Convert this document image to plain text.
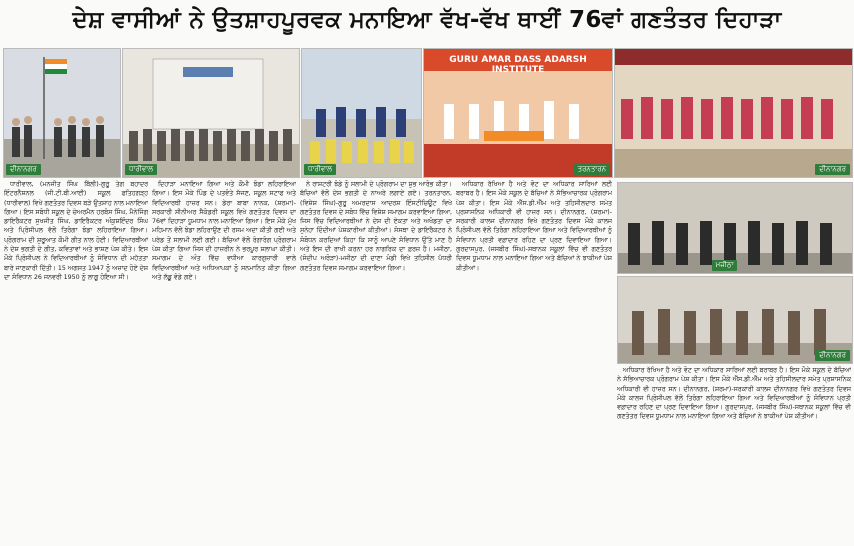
ਦੇਸ਼ ਵਾਸੀਆਂ ਨੇ ਉਤਸ਼ਾਹਪੂਰਵਕ ਮਨਾਇਆ ਵੱਖ-ਵੱਖ ਥਾਈਂ 76ਵਾਂ ਗਣਤੰਤਰ ਦਿਹਾੜਾ
ਦੀਨਾਨਗਰ	ਧਾਰੀਵਾਲ	ਧਾਰੀਵਾਲ
GURU AMAR DASS ADARSH INSTITUTE
ਤਰਨਤਾਰਨ	ਦੀਨਾਨਗਰ
ਮਜੀਠਾ
ਦੀਨਾਨਗਰ

ਧਾਰੀਵਾਲ, (ਮਨਜੀਤ ਸਿੰਘ ਬਿੱਲੀ)-ਗੁਰੂ ਤੇਗ ਬਹਾਦਰ ਇੰਟਰਨੈਸ਼ਨਲ (ਜੀ.ਟੀ.ਬੀ.ਆਈ) ਸਕੂਲ ਫਤਿਹਗੜ੍ਹ (ਧਾਰੀਵਾਲ) ਵਿਖੇ ਗਣਤੰਤਰ ਦਿਵਸ ਬੜੇ ਉਤਸ਼ਾਹ ਨਾਲ ਮਨਾਇਆ ਗਿਆ। ਇਸ ਸਬੰਧੀ ਸਕੂਲ ਦੇ ਚੇਅਰਮੈਨ ਹਰਬੰਸ ਸਿੰਘ, ਮੈਨੇਜਿੰਗ ਡਾਇਰੈਕਟਰ ਸੁਖਜੀਤ ਸਿੰਘ, ਡਾਇਰੈਕਟਰ ਅੰਕੁਸ਼ਇੰਦਰ ਸਿੰਘ ਅਤੇ ਪ੍ਰਿੰਸੀਪਲ ਵੱਲੋਂ ਤਿਰੰਗਾ ਝੰਡਾ ਲਹਿਰਾਇਆ ਗਿਆ। ਪ੍ਰੋਗਰਾਮ ਦੀ ਸ਼ੁਰੂਆਤ ਕੌਮੀ ਗੀਤ ਨਾਲ ਹੋਈ। ਵਿਦਿਆਰਥੀਆਂ ਨੇ ਦੇਸ਼ ਭਗਤੀ ਦੇ ਗੀਤ, ਕਵਿਤਾਵਾਂ ਅਤੇ ਭਾਸ਼ਣ ਪੇਸ਼ ਕੀਤੇ। ਇਸ ਮੌਕੇ ਪ੍ਰਿੰਸੀਪਲ ਨੇ ਵਿਦਿਆਰਥੀਆਂ ਨੂੰ ਸੰਵਿਧਾਨ ਦੀ ਮਹੱਤਤਾ ਬਾਰੇ ਜਾਣਕਾਰੀ ਦਿੱਤੀ। 15 ਅਗਸਤ 1947 ਨੂੰ ਅਜ਼ਾਦ ਹੋਏ ਦੇਸ਼ ਦਾ ਸੰਵਿਧਾਨ 26 ਜਨਵਰੀ 1950 ਨੂੰ ਲਾਗੂ ਹੋਇਆ ਸੀ।

ਦਿਹਾੜਾ ਮਨਾਇਆ ਗਿਆ ਅਤੇ ਕੌਮੀ ਝੰਡਾ ਲਹਿਰਾਇਆ ਗਿਆ। ਇਸ ਮੌਕੇ ਪਿੰਡ ਦੇ ਪਤਵੰਤੇ ਸੱਜਣ, ਸਕੂਲ ਸਟਾਫ ਅਤੇ ਵਿਦਿਆਰਥੀ ਹਾਜ਼ਰ ਸਨ। ਡੇਰਾ ਬਾਬਾ ਨਾਨਕ, (ਸ਼ਰਮਾ)-ਸਰਕਾਰੀ ਸੀਨੀਅਰ ਸੈਕੰਡਰੀ ਸਕੂਲ ਵਿਖੇ ਗਣਤੰਤਰ ਦਿਵਸ ਦਾ 76ਵਾਂ ਦਿਹਾੜਾ ਧੂਮਧਾਮ ਨਾਲ ਮਨਾਇਆ ਗਿਆ। ਇਸ ਮੌਕੇ ਮੁੱਖ ਮਹਿਮਾਨ ਵੱਲੋਂ ਝੰਡਾ ਲਹਿਰਾਉਣ ਦੀ ਰਸਮ ਅਦਾ ਕੀਤੀ ਗਈ ਅਤੇ ਪਰੇਡ ਤੋਂ ਸਲਾਮੀ ਲਈ ਗਈ। ਬੱਚਿਆਂ ਵੱਲੋਂ ਰੰਗਾਰੰਗ ਪ੍ਰੋਗਰਾਮ ਪੇਸ਼ ਕੀਤਾ ਗਿਆ ਜਿਸ ਦੀ ਹਾਜ਼ਰੀਨ ਨੇ ਭਰਪੂਰ ਸ਼ਲਾਘਾ ਕੀਤੀ। ਸਮਾਗਮ ਦੇ ਅੰਤ ਵਿੱਚ ਵਧੀਆ ਕਾਰਗੁਜ਼ਾਰੀ ਵਾਲੇ ਵਿਦਿਆਰਥੀਆਂ ਅਤੇ ਅਧਿਆਪਕਾਂ ਨੂੰ ਸਨਮਾਨਿਤ ਕੀਤਾ ਗਿਆ ਅਤੇ ਲੱਡੂ ਵੰਡੇ ਗਏ।

ਨੇ ਰਾਸ਼ਟਰੀ ਝੰਡੇ ਨੂੰ ਸਲਾਮੀ ਦੇ ਪ੍ਰੋਗਰਾਮ ਦਾ ਸ਼ੁਭ ਆਰੰਭ ਕੀਤਾ। ਬੱਚਿਆਂ ਵੱਲੋਂ ਦੇਸ਼ ਭਗਤੀ ਦੇ ਨਾਅਰੇ ਲਗਾਏ ਗਏ। ਤਰਨਤਾਰਨ, (ਵਿਸ਼ੇਸ਼ ਸਿੰਘ)-ਗੁਰੂ ਅਮਰਦਾਸ ਆਦਰਸ਼ ਇੰਸਟੀਚਿਊਟ ਵਿਖੇ ਗਣਤੰਤਰ ਦਿਵਸ ਦੇ ਸਬੰਧ ਵਿੱਚ ਵਿਸ਼ੇਸ਼ ਸਮਾਗਮ ਕਰਵਾਇਆ ਗਿਆ, ਜਿਸ ਵਿੱਚ ਵਿਦਿਆਰਥੀਆਂ ਨੇ ਦੇਸ਼ ਦੀ ਏਕਤਾ ਅਤੇ ਅਖੰਡਤਾ ਦਾ ਸੁਨੇਹਾ ਦਿੰਦੀਆਂ ਪੇਸ਼ਕਾਰੀਆਂ ਕੀਤੀਆਂ। ਸੰਸਥਾ ਦੇ ਡਾਇਰੈਕਟਰ ਨੇ ਸੰਬੋਧਨ ਕਰਦਿਆਂ ਕਿਹਾ ਕਿ ਸਾਨੂੰ ਆਪਣੇ ਸੰਵਿਧਾਨ ਉੱਤੇ ਮਾਣ ਹੈ ਅਤੇ ਇਸ ਦੀ ਰਾਖੀ ਕਰਨਾ ਹਰ ਨਾਗਰਿਕ ਦਾ ਫ਼ਰਜ਼ ਹੈ। ਮਜੀਠਾ, (ਸੰਦੀਪ ਅਰੋੜਾ)-ਮਜੀਠਾ ਦੀ ਦਾਣਾ ਮੰਡੀ ਵਿਖੇ ਤਹਿਸੀਲ ਪੱਧਰੀ ਗਣਤੰਤਰ ਦਿਵਸ ਸਮਾਗਮ ਕਰਵਾਇਆ ਗਿਆ।

ਅਧਿਕਾਰ ਰੱਖਿਆ ਹੈ ਅਤੇ ਵੋਟ ਦਾ ਅਧਿਕਾਰ ਸਾਰਿਆਂ ਲਈ ਬਰਾਬਰ ਹੈ। ਇਸ ਮੌਕੇ ਸਕੂਲ ਦੇ ਬੱਚਿਆਂ ਨੇ ਸੱਭਿਆਚਾਰਕ ਪ੍ਰੋਗਰਾਮ ਪੇਸ਼ ਕੀਤਾ। ਇਸ ਮੌਕੇ ਐੱਸ.ਡੀ.ਐੱਮ ਅਤੇ ਤਹਿਸੀਲਦਾਰ ਸਮੇਤ ਪ੍ਰਸ਼ਾਸਨਿਕ ਅਧਿਕਾਰੀ ਵੀ ਹਾਜ਼ਰ ਸਨ। ਦੀਨਾਨਗਰ, (ਸ਼ਰਮਾ)-ਸਰਕਾਰੀ ਕਾਲਜ ਦੀਨਾਨਗਰ ਵਿਖੇ ਗਣਤੰਤਰ ਦਿਵਸ ਮੌਕੇ ਕਾਲਜ ਪ੍ਰਿੰਸੀਪਲ ਵੱਲੋਂ ਤਿਰੰਗਾ ਲਹਿਰਾਇਆ ਗਿਆ ਅਤੇ ਵਿਦਿਆਰਥੀਆਂ ਨੂੰ ਸੰਵਿਧਾਨ ਪ੍ਰਤੀ ਵਫ਼ਾਦਾਰ ਰਹਿਣ ਦਾ ਪ੍ਰਣ ਦਿਵਾਇਆ ਗਿਆ। ਗੁਰਦਾਸਪੁਰ, (ਜਸਬੀਰ ਸਿੰਘ)-ਸਥਾਨਕ ਸਕੂਲਾਂ ਵਿੱਚ ਵੀ ਗਣਤੰਤਰ ਦਿਵਸ ਧੂਮਧਾਮ ਨਾਲ ਮਨਾਇਆ ਗਿਆ ਅਤੇ ਬੱਚਿਆਂ ਨੇ ਝਾਕੀਆਂ ਪੇਸ਼ ਕੀਤੀਆਂ।

ਅਧਿਕਾਰ ਰੱਖਿਆ ਹੈ ਅਤੇ ਵੋਟ ਦਾ ਅਧਿਕਾਰ ਸਾਰਿਆਂ ਲਈ ਬਰਾਬਰ ਹੈ। ਇਸ ਮੌਕੇ ਸਕੂਲ ਦੇ ਬੱਚਿਆਂ ਨੇ ਸੱਭਿਆਚਾਰਕ ਪ੍ਰੋਗਰਾਮ ਪੇਸ਼ ਕੀਤਾ। ਇਸ ਮੌਕੇ ਐੱਸ.ਡੀ.ਐੱਮ ਅਤੇ ਤਹਿਸੀਲਦਾਰ ਸਮੇਤ ਪ੍ਰਸ਼ਾਸਨਿਕ ਅਧਿਕਾਰੀ ਵੀ ਹਾਜ਼ਰ ਸਨ। ਦੀਨਾਨਗਰ, (ਸ਼ਰਮਾ)-ਸਰਕਾਰੀ ਕਾਲਜ ਦੀਨਾਨਗਰ ਵਿਖੇ ਗਣਤੰਤਰ ਦਿਵਸ ਮੌਕੇ ਕਾਲਜ ਪ੍ਰਿੰਸੀਪਲ ਵੱਲੋਂ ਤਿਰੰਗਾ ਲਹਿਰਾਇਆ ਗਿਆ ਅਤੇ ਵਿਦਿਆਰਥੀਆਂ ਨੂੰ ਸੰਵਿਧਾਨ ਪ੍ਰਤੀ ਵਫ਼ਾਦਾਰ ਰਹਿਣ ਦਾ ਪ੍ਰਣ ਦਿਵਾਇਆ ਗਿਆ। ਗੁਰਦਾਸਪੁਰ, (ਜਸਬੀਰ ਸਿੰਘ)-ਸਥਾਨਕ ਸਕੂਲਾਂ ਵਿੱਚ ਵੀ ਗਣਤੰਤਰ ਦਿਵਸ ਧੂਮਧਾਮ ਨਾਲ ਮਨਾਇਆ ਗਿਆ ਅਤੇ ਬੱਚਿਆਂ ਨੇ ਝਾਕੀਆਂ ਪੇਸ਼ ਕੀਤੀਆਂ।
